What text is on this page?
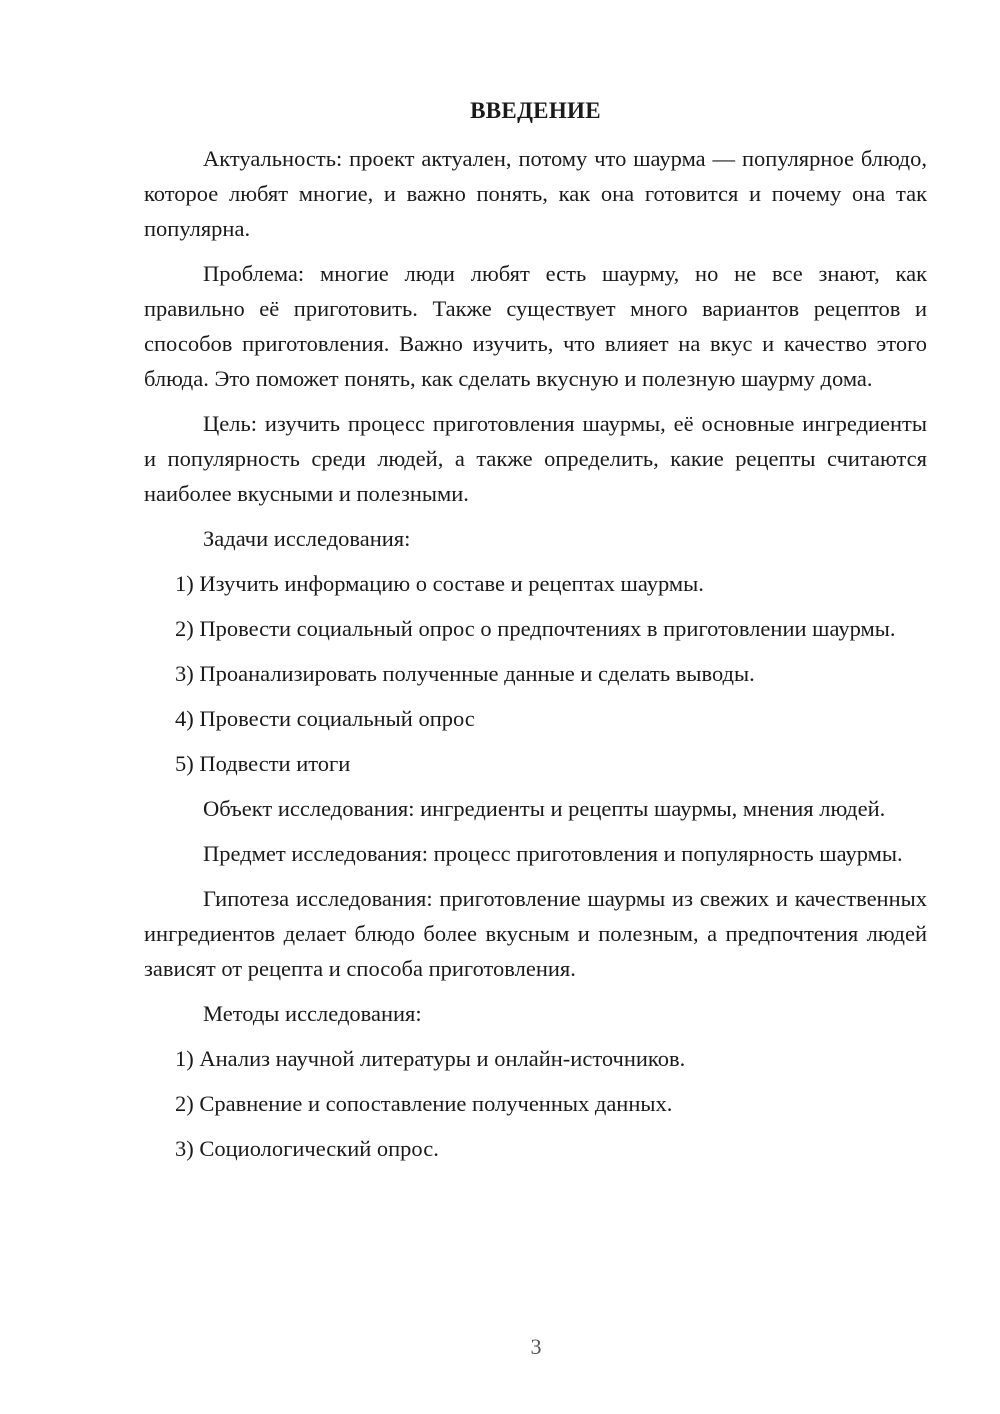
ВВЕДЕНИЕ

Актуальность: проект актуален, потому что шаурма — популярное блюдо, которое любят многие, и важно понять, как она готовится и почему она так популярна.

Проблема: многие люди любят есть шаурму, но не все знают, как правильно её приготовить. Также существует много вариантов рецептов и способов приготовления. Важно изучить, что влияет на вкус и качество этого блюда. Это поможет понять, как сделать вкусную и полезную шаурму дома.

Цель: изучить процесс приготовления шаурмы, её основные ингредиенты и популярность среди людей, а также определить, какие рецепты считаются наиболее вкусными и полезными.

Задачи исследования:

1) Изучить информацию о составе и рецептах шаурмы.

2) Провести социальный опрос о предпочтениях в приготовлении шаурмы.

3) Проанализировать полученные данные и сделать выводы.

4) Провести социальный опрос

5) Подвести итоги

Объект исследования: ингредиенты и рецепты шаурмы, мнения людей.

Предмет исследования: процесс приготовления и популярность шаурмы.

Гипотеза исследования: приготовление шаурмы из свежих и качественных ингредиентов делает блюдо более вкусным и полезным, а предпочтения людей зависят от рецепта и способа приготовления.

Методы исследования:

1) Анализ научной литературы и онлайн-источников.

2) Сравнение и сопоставление полученных данных.

3) Социологический опрос.

3
